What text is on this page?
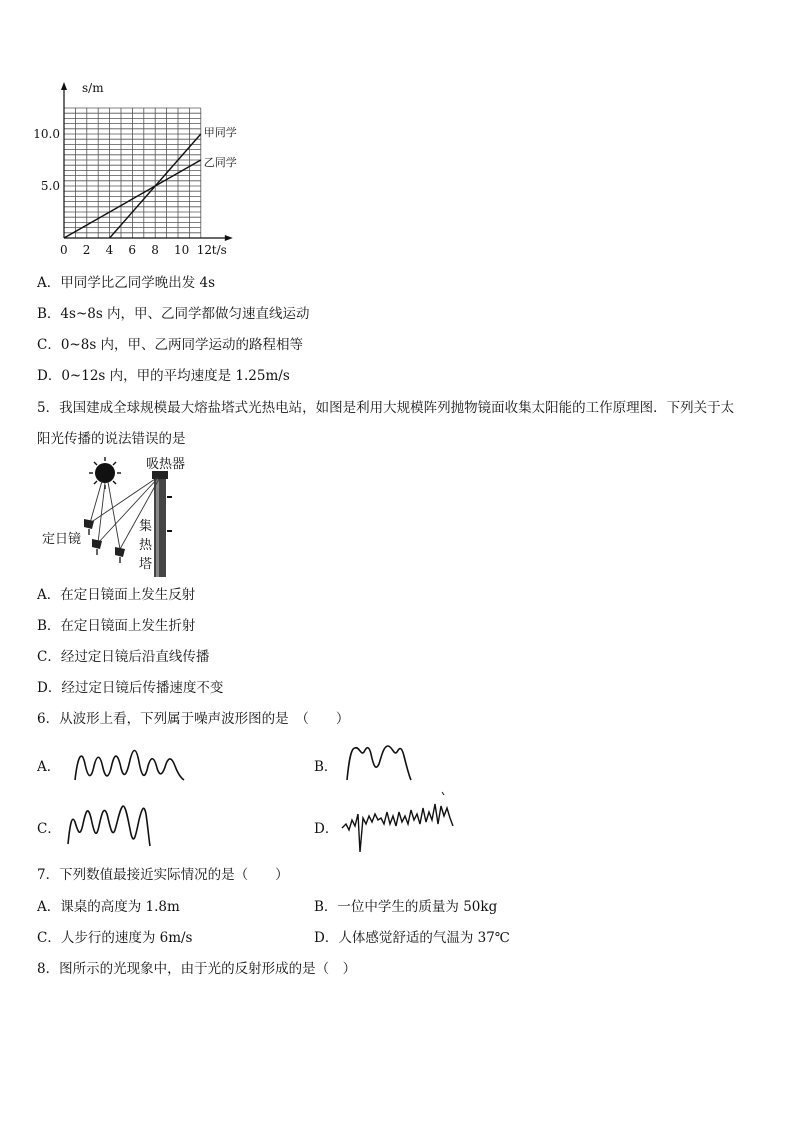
甲同学
乙同学
0 2 4 6 8 10 12
5.0
10.0
s/m
t/s
A．甲同学比乙同学晚出发 4s
B．4s~8s 内，甲、乙同学都做匀速直线运动
C．0~8s 内，甲、乙两同学运动的路程相等
D．0~12s 内，甲的平均速度是 1.25m/s
5．我国建成全球规模最大熔盐塔式光热电站，如图是利用大规模阵列抛物镜面收集太阳能的工作原理图．下列关于太
阳光传播的说法错误的是
吸热器
定日镜
集
热
塔
A．在定日镜面上发生反射
B．在定日镜面上发生折射
C．经过定日镜后沿直线传播
D．经过定日镜后传播速度不变
6．从波形上看，下列属于噪声波形图的是　（　　）
A．	B．
C．	D．
7．下列数值最接近实际情况的是（　　）
A．课桌的高度为 1.8m	B．一位中学生的质量为 50kg
C．人步行的速度为 6m/s	D．人体感觉舒适的气温为 37℃
8．图所示的光现象中，由于光的反射形成的是（　）
